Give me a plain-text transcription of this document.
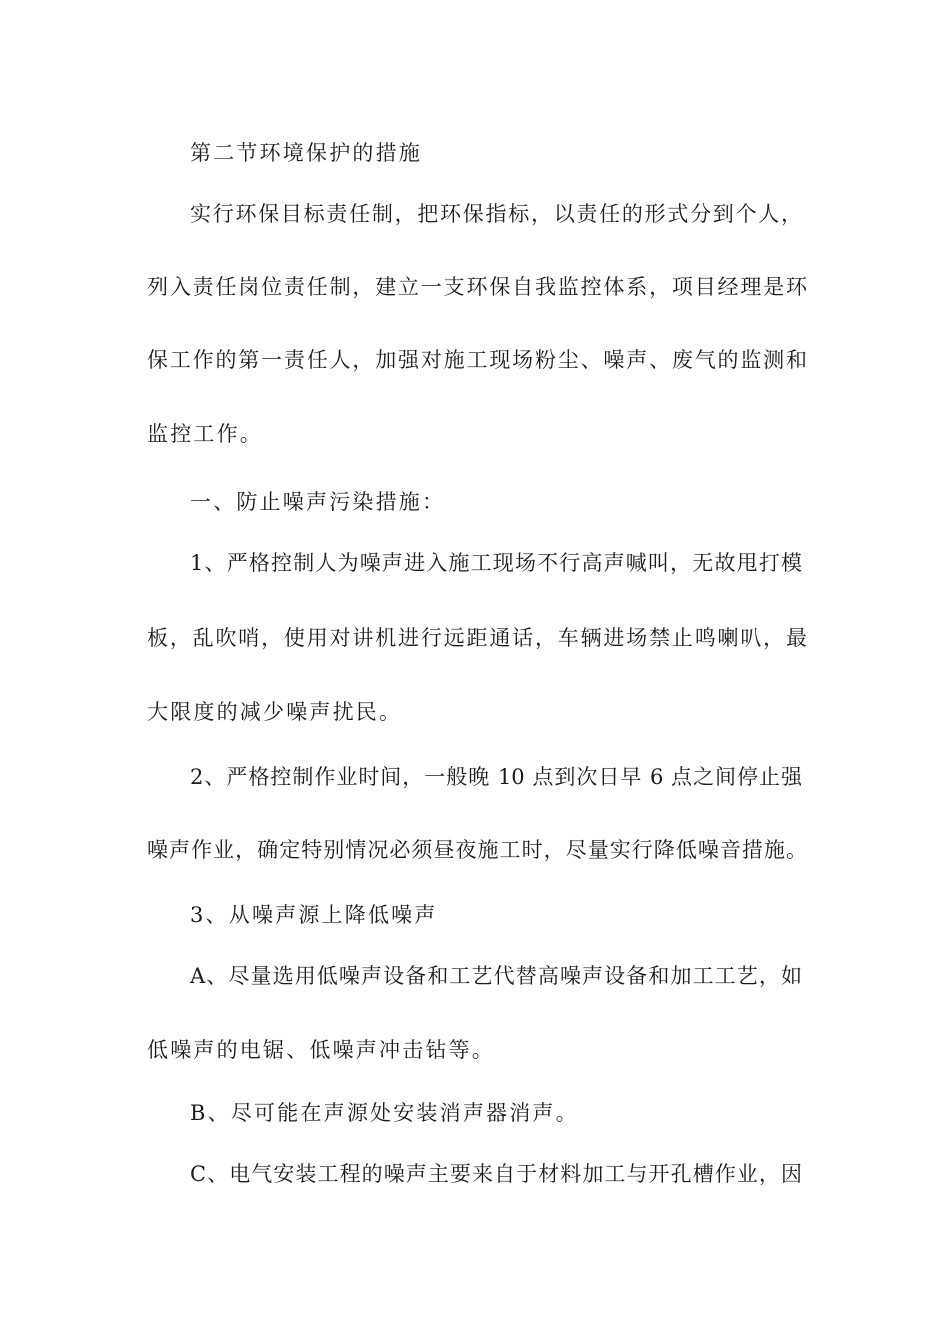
第二节环境保护的措施
实行环保目标责任制，把环保指标，以责任的形式分到个人，
列入责任岗位责任制，建立一支环保自我监控体系，项目经理是环
保工作的第一责任人，加强对施工现场粉尘、噪声、废气的监测和
监控工作。
一、防止噪声污染措施：
1、严格控制人为噪声进入施工现场不行高声喊叫，无故甩打模
板，乱吹哨，使用对讲机进行远距通话，车辆进场禁止鸣喇叭，最
大限度的减少噪声扰民。
2、严格控制作业时间，一般晚 10 点到次日早 6 点之间停止强
噪声作业，确定特别情况必须昼夜施工时，尽量实行降低噪音措施。
3、从噪声源上降低噪声
A、尽量选用低噪声设备和工艺代替高噪声设备和加工工艺，如
低噪声的电锯、低噪声冲击钻等。
B、尽可能在声源处安装消声器消声。
C、电气安装工程的噪声主要来自于材料加工与开孔槽作业，因
